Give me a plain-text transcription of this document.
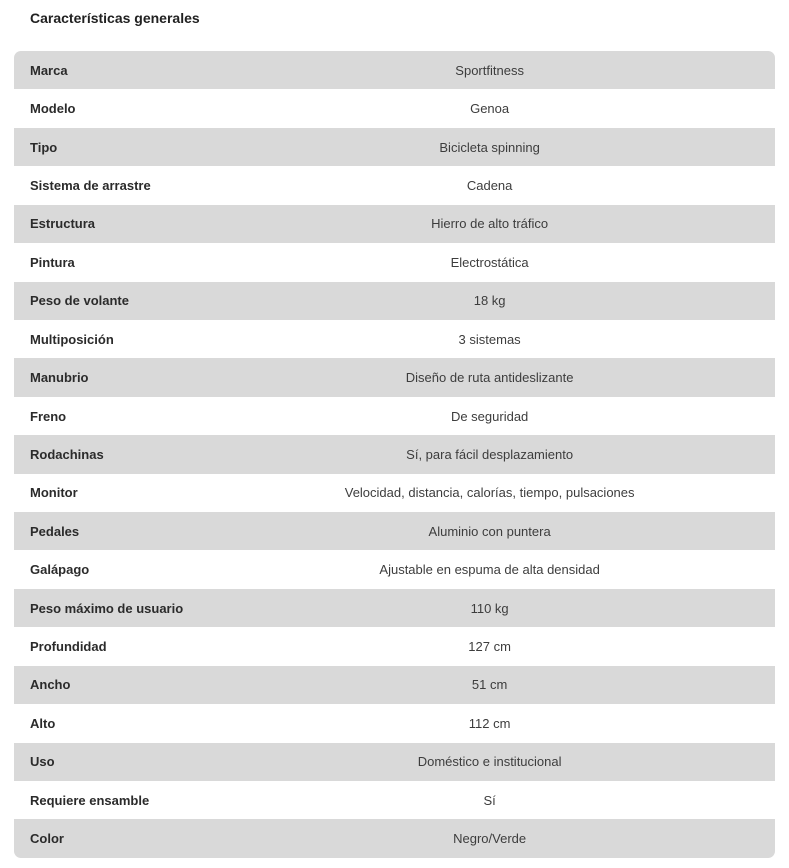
Características generales
Marca	Sportfitness
Modelo	Genoa
Tipo	Bicicleta spinning
Sistema de arrastre	Cadena
Estructura	Hierro de alto tráfico
Pintura	Electrostática
Peso de volante	18 kg
Multiposición	3 sistemas
Manubrio	Diseño de ruta antideslizante
Freno	De seguridad
Rodachinas	Sí, para fácil desplazamiento
Monitor	Velocidad, distancia, calorías, tiempo, pulsaciones
Pedales	Aluminio con puntera
Galápago	Ajustable en espuma de alta densidad
Peso máximo de usuario	110 kg
Profundidad	127 cm
Ancho	51 cm
Alto	112 cm
Uso	Doméstico e institucional
Requiere ensamble	Sí
Color	Negro/Verde
